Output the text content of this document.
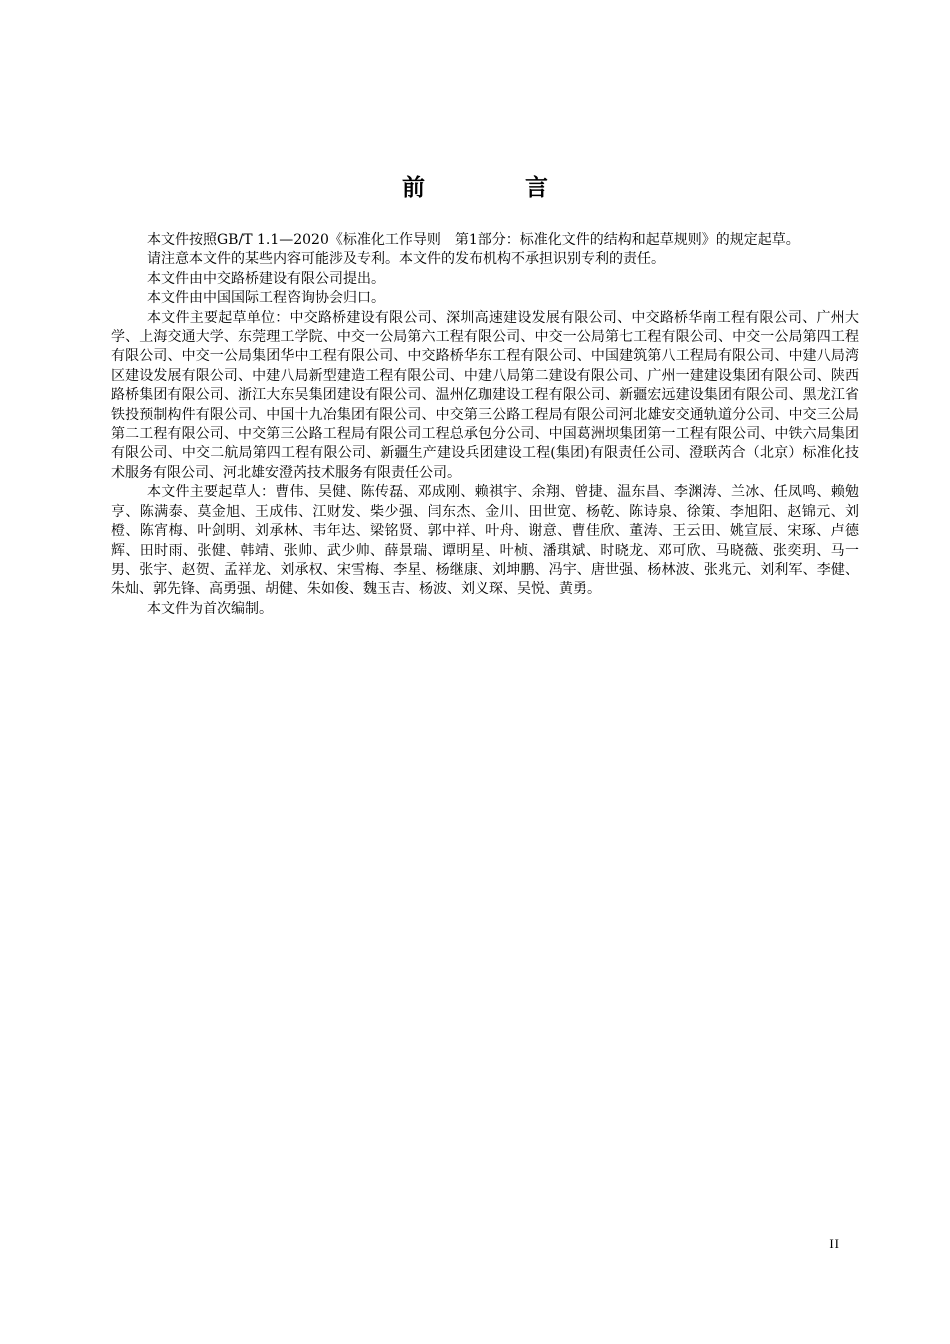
前 言

本文件按照GB/T 1.1—2020《标准化工作导则　第1部分：标准化文件的结构和起草规则》的规定起草。

请注意本文件的某些内容可能涉及专利。本文件的发布机构不承担识别专利的责任。

本文件由中交路桥建设有限公司提出。

本文件由中国国际工程咨询协会归口。

本文件主要起草单位：中交路桥建设有限公司、深圳高速建设发展有限公司、中交路桥华南工程有限公司、广州大学、上海交通大学、东莞理工学院、中交一公局第六工程有限公司、中交一公局第七工程有限公司、中交一公局第四工程有限公司、中交一公局集团华中工程有限公司、中交路桥华东工程有限公司、中国建筑第八工程局有限公司、中建八局湾区建设发展有限公司、中建八局新型建造工程有限公司、中建八局第二建设有限公司、广州一建建设集团有限公司、陕西路桥集团有限公司、浙江大东吴集团建设有限公司、温州亿珈建设工程有限公司、新疆宏远建设集团有限公司、黑龙江省铁投预制构件有限公司、中国十九冶集团有限公司、中交第三公路工程局有限公司河北雄安交通轨道分公司、中交三公局第二工程有限公司、中交第三公路工程局有限公司工程总承包分公司、中国葛洲坝集团第一工程有限公司、中铁六局集团有限公司、中交二航局第四工程有限公司、新疆生产建设兵团建设工程(集团)有限责任公司、澄联芮合（北京）标准化技术服务有限公司、河北雄安澄芮技术服务有限责任公司。

本文件主要起草人：曹伟、吴健、陈传磊、邓成刚、赖祺宇、余翔、曾捷、温东昌、李渊涛、兰冰、任凤鸣、赖勉亨、陈满泰、莫金旭、王成伟、江财发、柴少强、闫东杰、金川、田世宽、杨乾、陈诗泉、徐策、李旭阳、赵锦元、刘橙、陈宵梅、叶剑明、刘承林、韦年达、梁铭贤、郭中祥、叶舟、谢意、曹佳欣、董涛、王云田、姚宣辰、宋琢、卢德辉、田时雨、张健、韩靖、张帅、武少帅、薛景瑞、谭明星、叶桢、潘琪斌、时晓龙、邓可欣、马晓薇、张奕玥、马一男、张宇、赵贺、孟祥龙、刘承权、宋雪梅、李星、杨继康、刘坤鹏、冯宇、唐世强、杨林波、张兆元、刘利军、李健、朱灿、郭先锋、高勇强、胡健、朱如俊、魏玉吉、杨波、刘义琛、吴悦、黄勇。

本文件为首次编制。

II
